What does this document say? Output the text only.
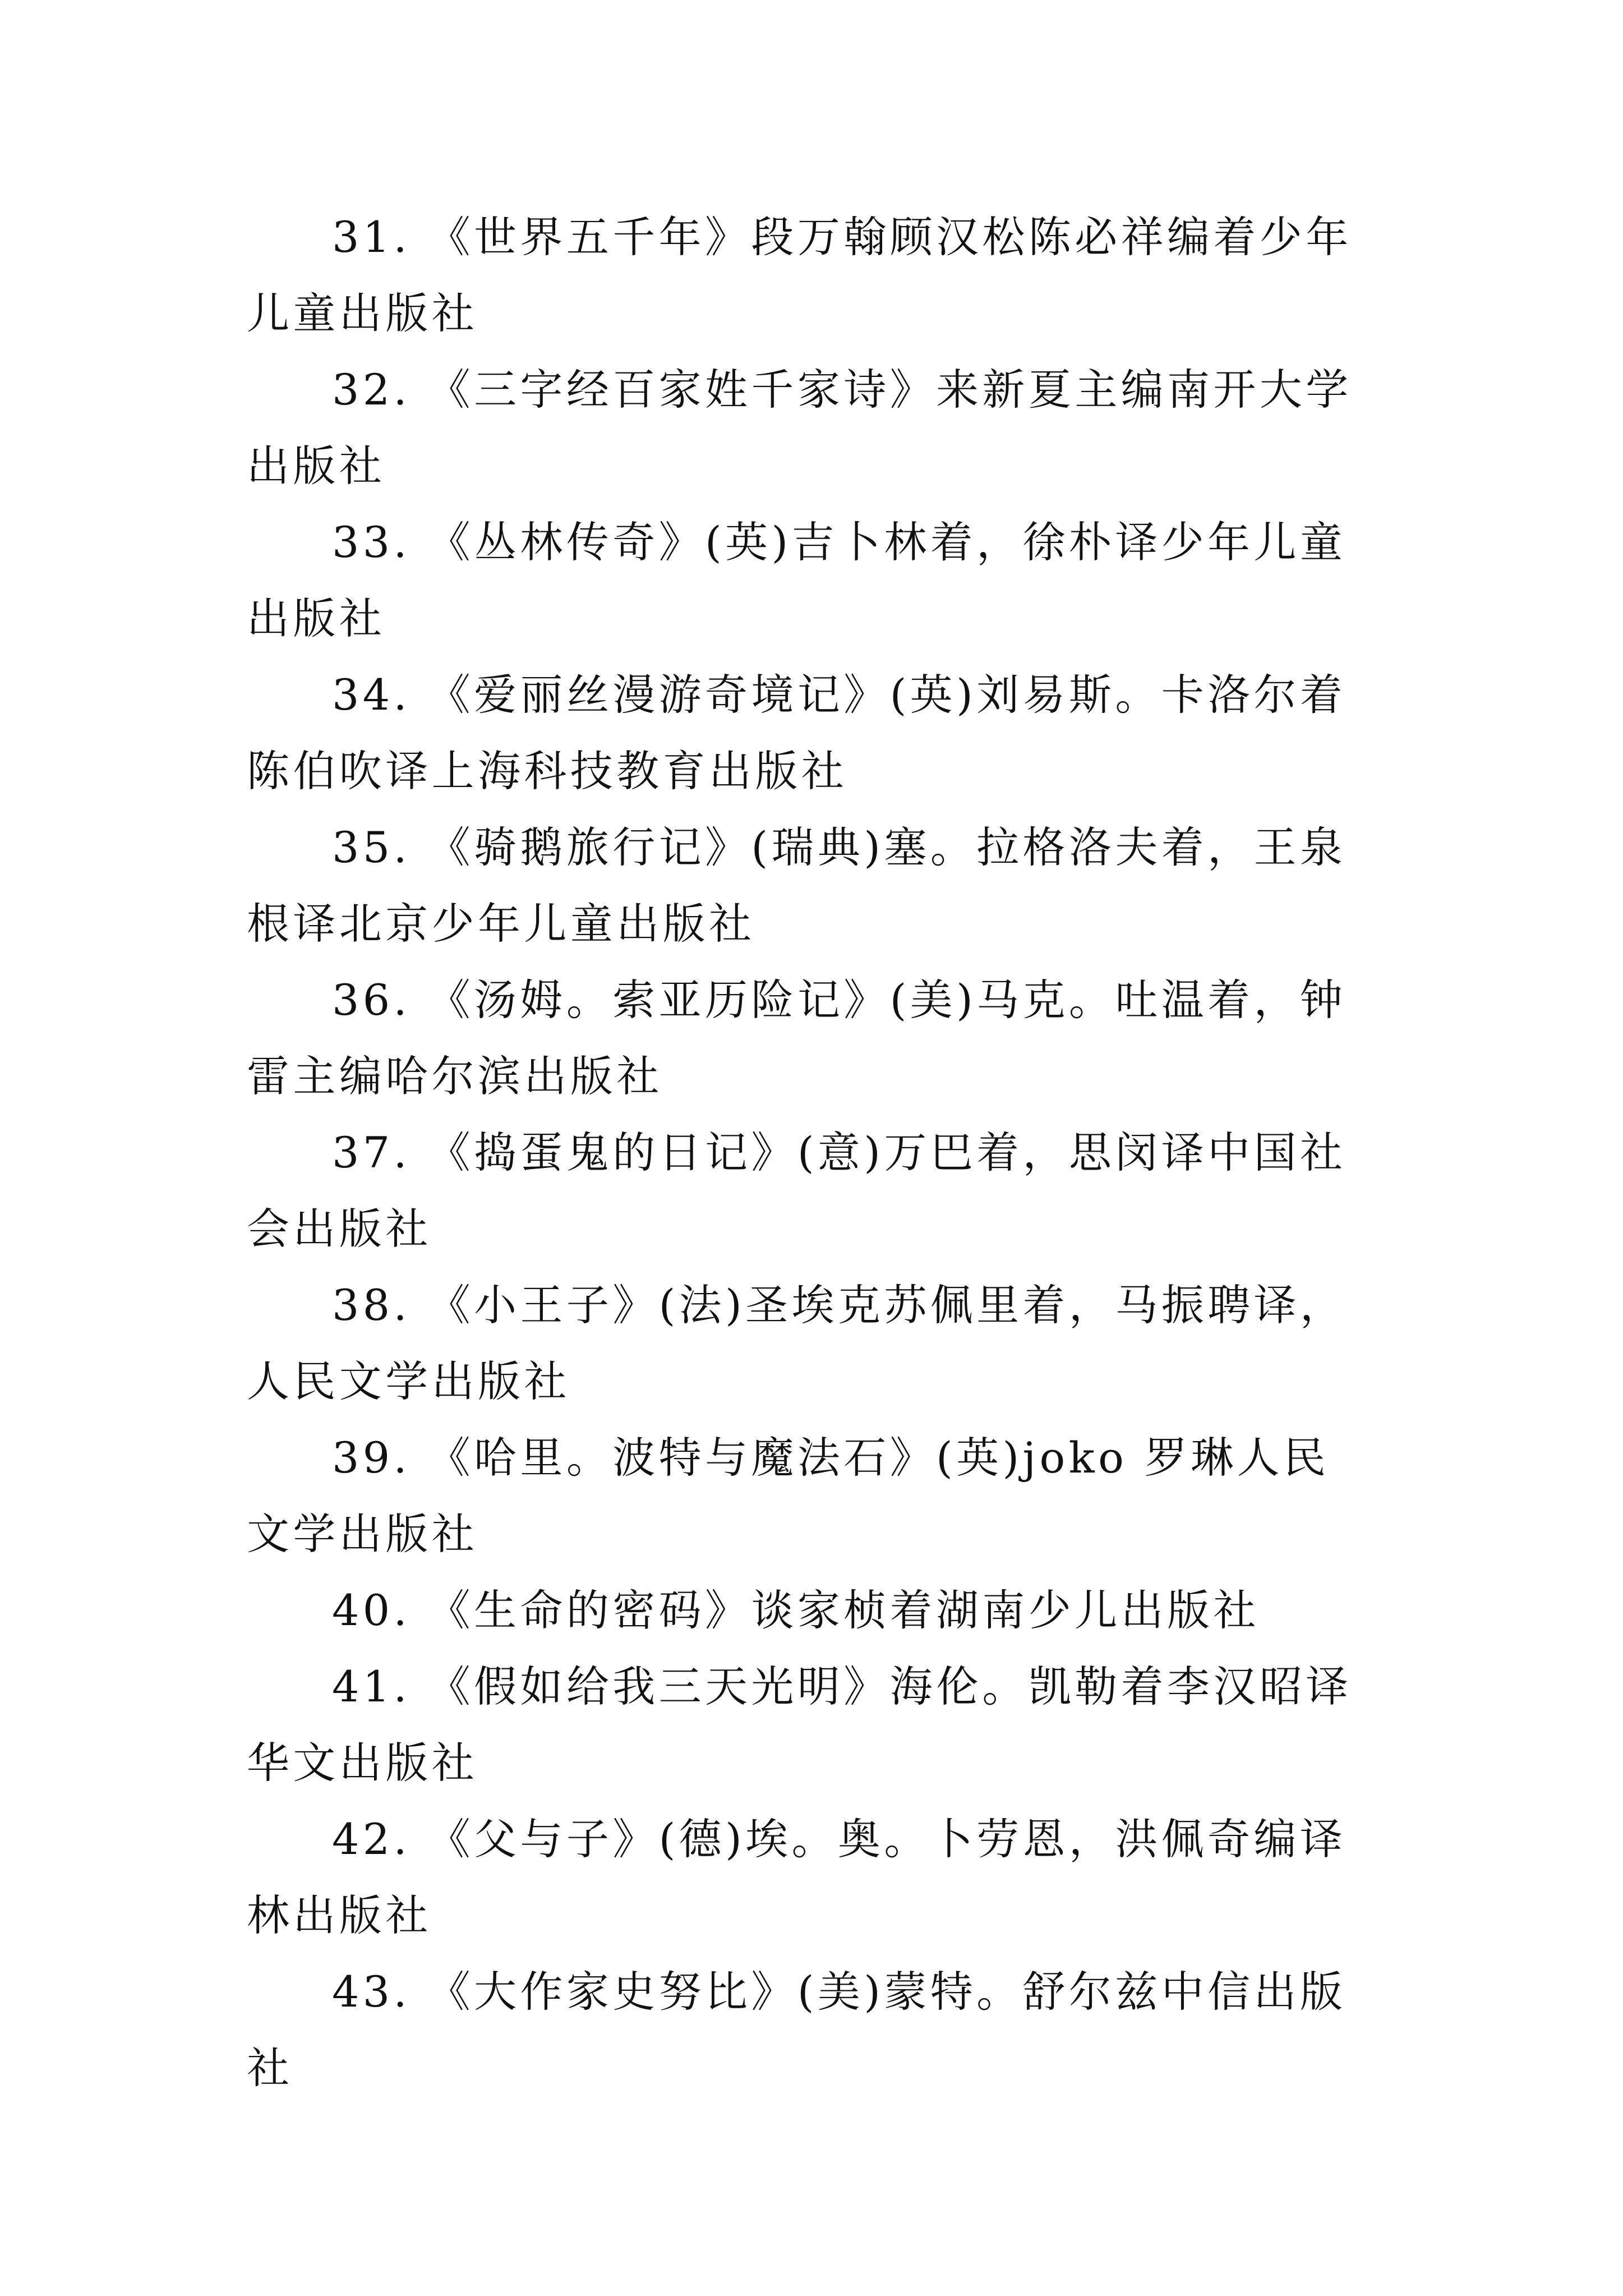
31. 《世界五千年》段万翰顾汉松陈必祥编着少年儿童出版社

32. 《三字经百家姓千家诗》来新夏主编南开大学出版社

33. 《丛林传奇》(英)吉卜林着，徐朴译少年儿童出版社

34. 《爱丽丝漫游奇境记》(英)刘易斯。卡洛尔着陈伯吹译上海科技教育出版社

35. 《骑鹅旅行记》(瑞典)塞。拉格洛夫着，王泉根译北京少年儿童出版社

36. 《汤姆。索亚历险记》(美)马克。吐温着，钟雷主编哈尔滨出版社

37. 《捣蛋鬼的日记》(意)万巴着，思闵译中国社会出版社

38. 《小王子》(法)圣埃克苏佩里着，马振聘译，人民文学出版社

39. 《哈里。波特与魔法石》(英)joko 罗琳人民文学出版社

40. 《生命的密码》谈家桢着湖南少儿出版社

41. 《假如给我三天光明》海伦。凯勒着李汉昭译华文出版社

42. 《父与子》(德)埃。奥。卜劳恩，洪佩奇编译林出版社

43. 《大作家史努比》(美)蒙特。舒尔兹中信出版社
